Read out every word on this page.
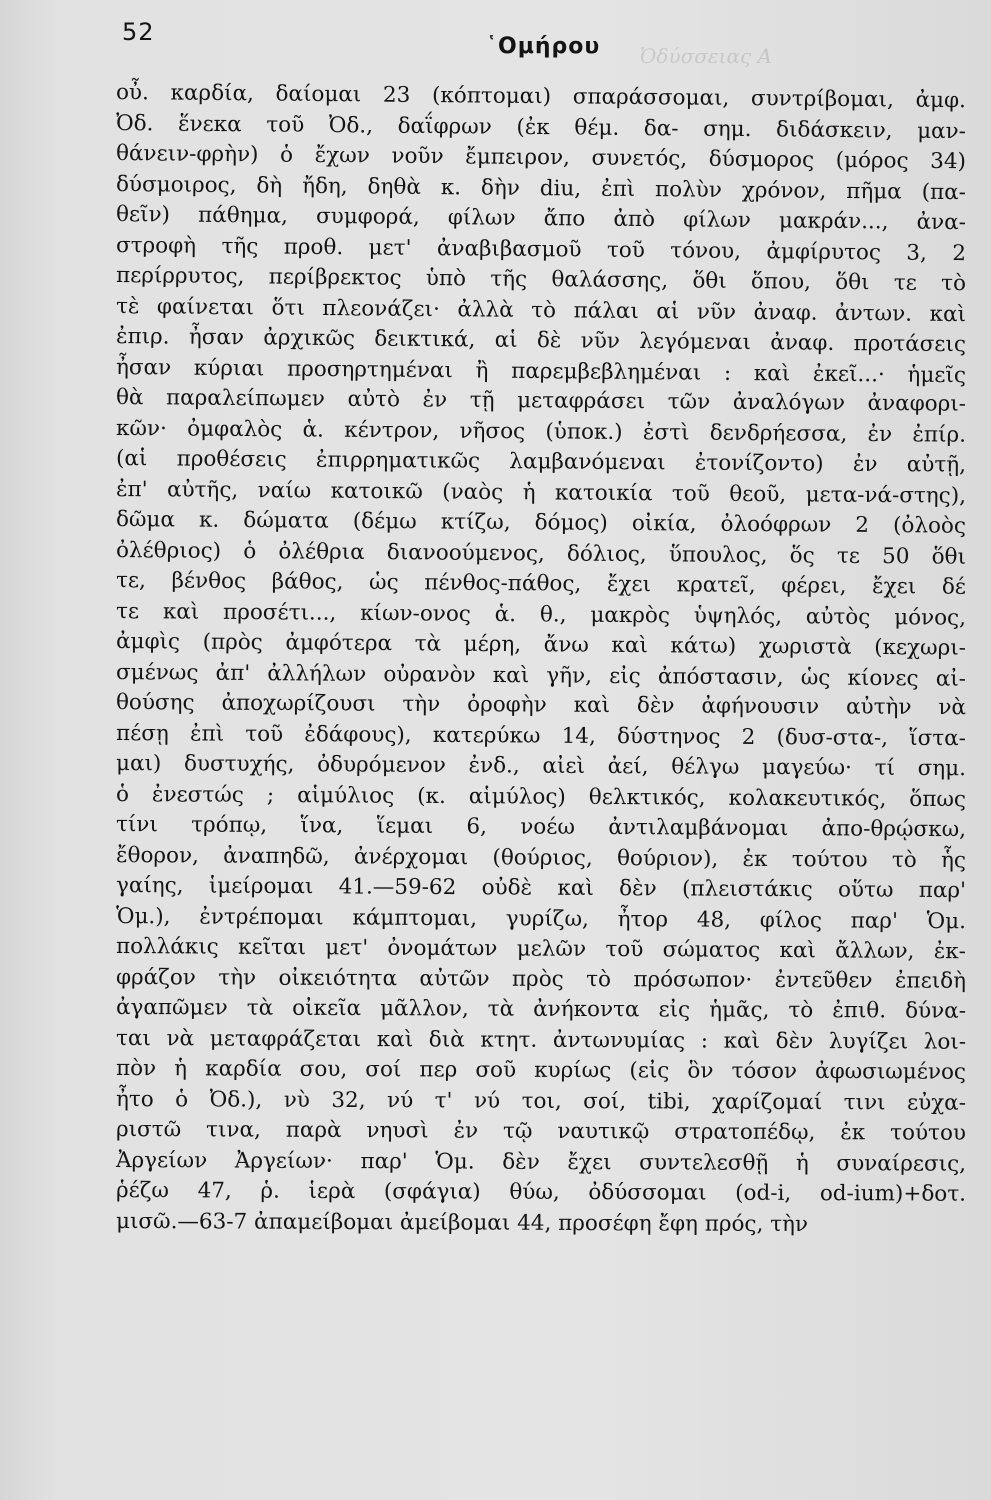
52
῾Ομήρου Ὀδύσσειας Α
οὖ. καρδία, δαίομαι 23 (κόπτομαι) σπαράσσομαι, συντρίβομαι, ἀμφ.
Ὀδ. ἕνεκα τοῦ Ὀδ., δαΐφρων (ἐκ θέμ. δα- σημ. διδάσκειν, μαν-
θάνειν-φρὴν) ὁ ἔχων νοῦν ἔμπειρον, συνετός, δύσμορος (μόρος 34)
δύσμοιρος, δὴ ἤδη, δηθὰ κ. δὴν diu, ἐπὶ πολὺν χρόνον, πῆμα (πα-
θεῖν) πάθημα, συμφορά, φίλων ἄπο ἀπὸ φίλων μακράν..., ἀνα-
στροφὴ τῆς προθ. μετ' ἀναβιβασμοῦ τοῦ τόνου, ἀμφίρυτος 3, 2
περίρρυτος, περίβρεκτος ὑπὸ τῆς θαλάσσης, ὅθι ὅπου, ὅθι τε τὸ
τὲ φαίνεται ὅτι πλεονάζει· ἀλλὰ τὸ πάλαι αἱ νῦν ἀναφ. ἀντων. καὶ
ἐπιρ. ἦσαν ἀρχικῶς δεικτικά, αἱ δὲ νῦν λεγόμεναι ἀναφ. προτάσεις
ἦσαν κύριαι προσηρτημέναι ἢ παρεμβεβλημέναι : καὶ ἐκεῖ...· ἡμεῖς
θὰ παραλείπωμεν αὐτὸ ἐν τῇ μεταφράσει τῶν ἀναλόγων ἀναφορι-
κῶν· ὀμφαλὸς ἁ. κέντρον, νῆσος (ὑποκ.) ἐστὶ δενδρήεσσα, ἐν ἐπίρ.
(αἱ προθέσεις ἐπιρρηματικῶς λαμβανόμεναι ἐτονίζοντο) ἐν αὐτῇ,
ἐπ' αὐτῆς, ναίω κατοικῶ (ναὸς ἡ κατοικία τοῦ θεοῦ, μετα-νά-στης),
δῶμα κ. δώματα (δέμω κτίζω, δόμος) οἰκία, ὀλοόφρων 2 (ὀλοὸς
ὀλέθριος) ὁ ὀλέθρια διανοούμενος, δόλιος, ὕπουλος, ὅς τε 50 ὅθι
τε, βένθος βάθος, ὡς πένθος-πάθος, ἔχει κρατεῖ, φέρει, ἔχει δέ
τε καὶ προσέτι..., κίων-ονος ἁ. θ., μακρὸς ὑψηλός, αὐτὸς μόνος,
ἀμφὶς (πρὸς ἀμφότερα τὰ μέρη, ἄνω καὶ κάτω) χωριστὰ (κεχωρι-
σμένως ἀπ' ἀλλήλων οὐρανὸν καὶ γῆν, εἰς ἀπόστασιν, ὡς κίονες αἰ-
θούσης ἀποχωρίζουσι τὴν ὀροφὴν καὶ δὲν ἀφήνουσιν αὐτὴν νὰ
πέσῃ ἐπὶ τοῦ ἐδάφους), κατερύκω 14, δύστηνος 2 (δυσ-στα-, ἵστα-
μαι) δυστυχής, ὀδυρόμενον ἐνδ., αἰεὶ ἀεί, θέλγω μαγεύω· τί σημ.
ὁ ἐνεστώς ; αἱμύλιος (κ. αἱμύλος) θελκτικός, κολακευτικός, ὅπως
τίνι τρόπῳ, ἵνα, ἵεμαι 6, νοέω ἀντιλαμβάνομαι ἀπο-θρῴσκω,
ἔθορον, ἀναπηδῶ, ἀνέρχομαι (θούριος, θούριον), ἐκ τούτου τὸ ἧς
γαίης, ἱμείρομαι 41.—59-62 οὐδὲ καὶ δὲν (πλειστάκις οὕτω παρ'
Ὁμ.), ἐντρέπομαι κάμπτομαι, γυρίζω, ἦτορ 48, φίλος παρ' Ὁμ.
πολλάκις κεῖται μετ' ὀνομάτων μελῶν τοῦ σώματος καὶ ἄλλων, ἐκ-
φράζον τὴν οἰκειότητα αὐτῶν πρὸς τὸ πρόσωπον· ἐντεῦθεν ἐπειδὴ
ἀγαπῶμεν τὰ οἰκεῖα μᾶλλον, τὰ ἀνήκοντα εἰς ἡμᾶς, τὸ ἐπιθ. δύνα-
ται νὰ μεταφράζεται καὶ διὰ κτητ. ἀντωνυμίας : καὶ δὲν λυγίζει λοι-
πὸν ἡ καρδία σου, σοί περ σοῦ κυρίως (εἰς ὃν τόσον ἀφωσιωμένος
ἦτο ὁ Ὀδ.), νὺ 32, νύ τ' νύ τοι, σοί, tibi, χαρίζομαί τινι εὐχα-
ριστῶ τινα, παρὰ νηυσὶ ἐν τῷ ναυτικῷ στρατοπέδῳ, ἐκ τούτου
Ἀργείων Ἀργείων· παρ' Ὁμ. δὲν ἔχει συντελεσθῇ ἡ συναίρεσις,
ῥέζω 47, ῥ. ἱερὰ (σφάγια) θύω, ὀδύσσομαι (od-i, od-ium)+δοτ.
μισῶ.—63-7 ἀπαμείβομαι ἀμείβομαι 44, προσέφη ἔφη πρός, τὴν
